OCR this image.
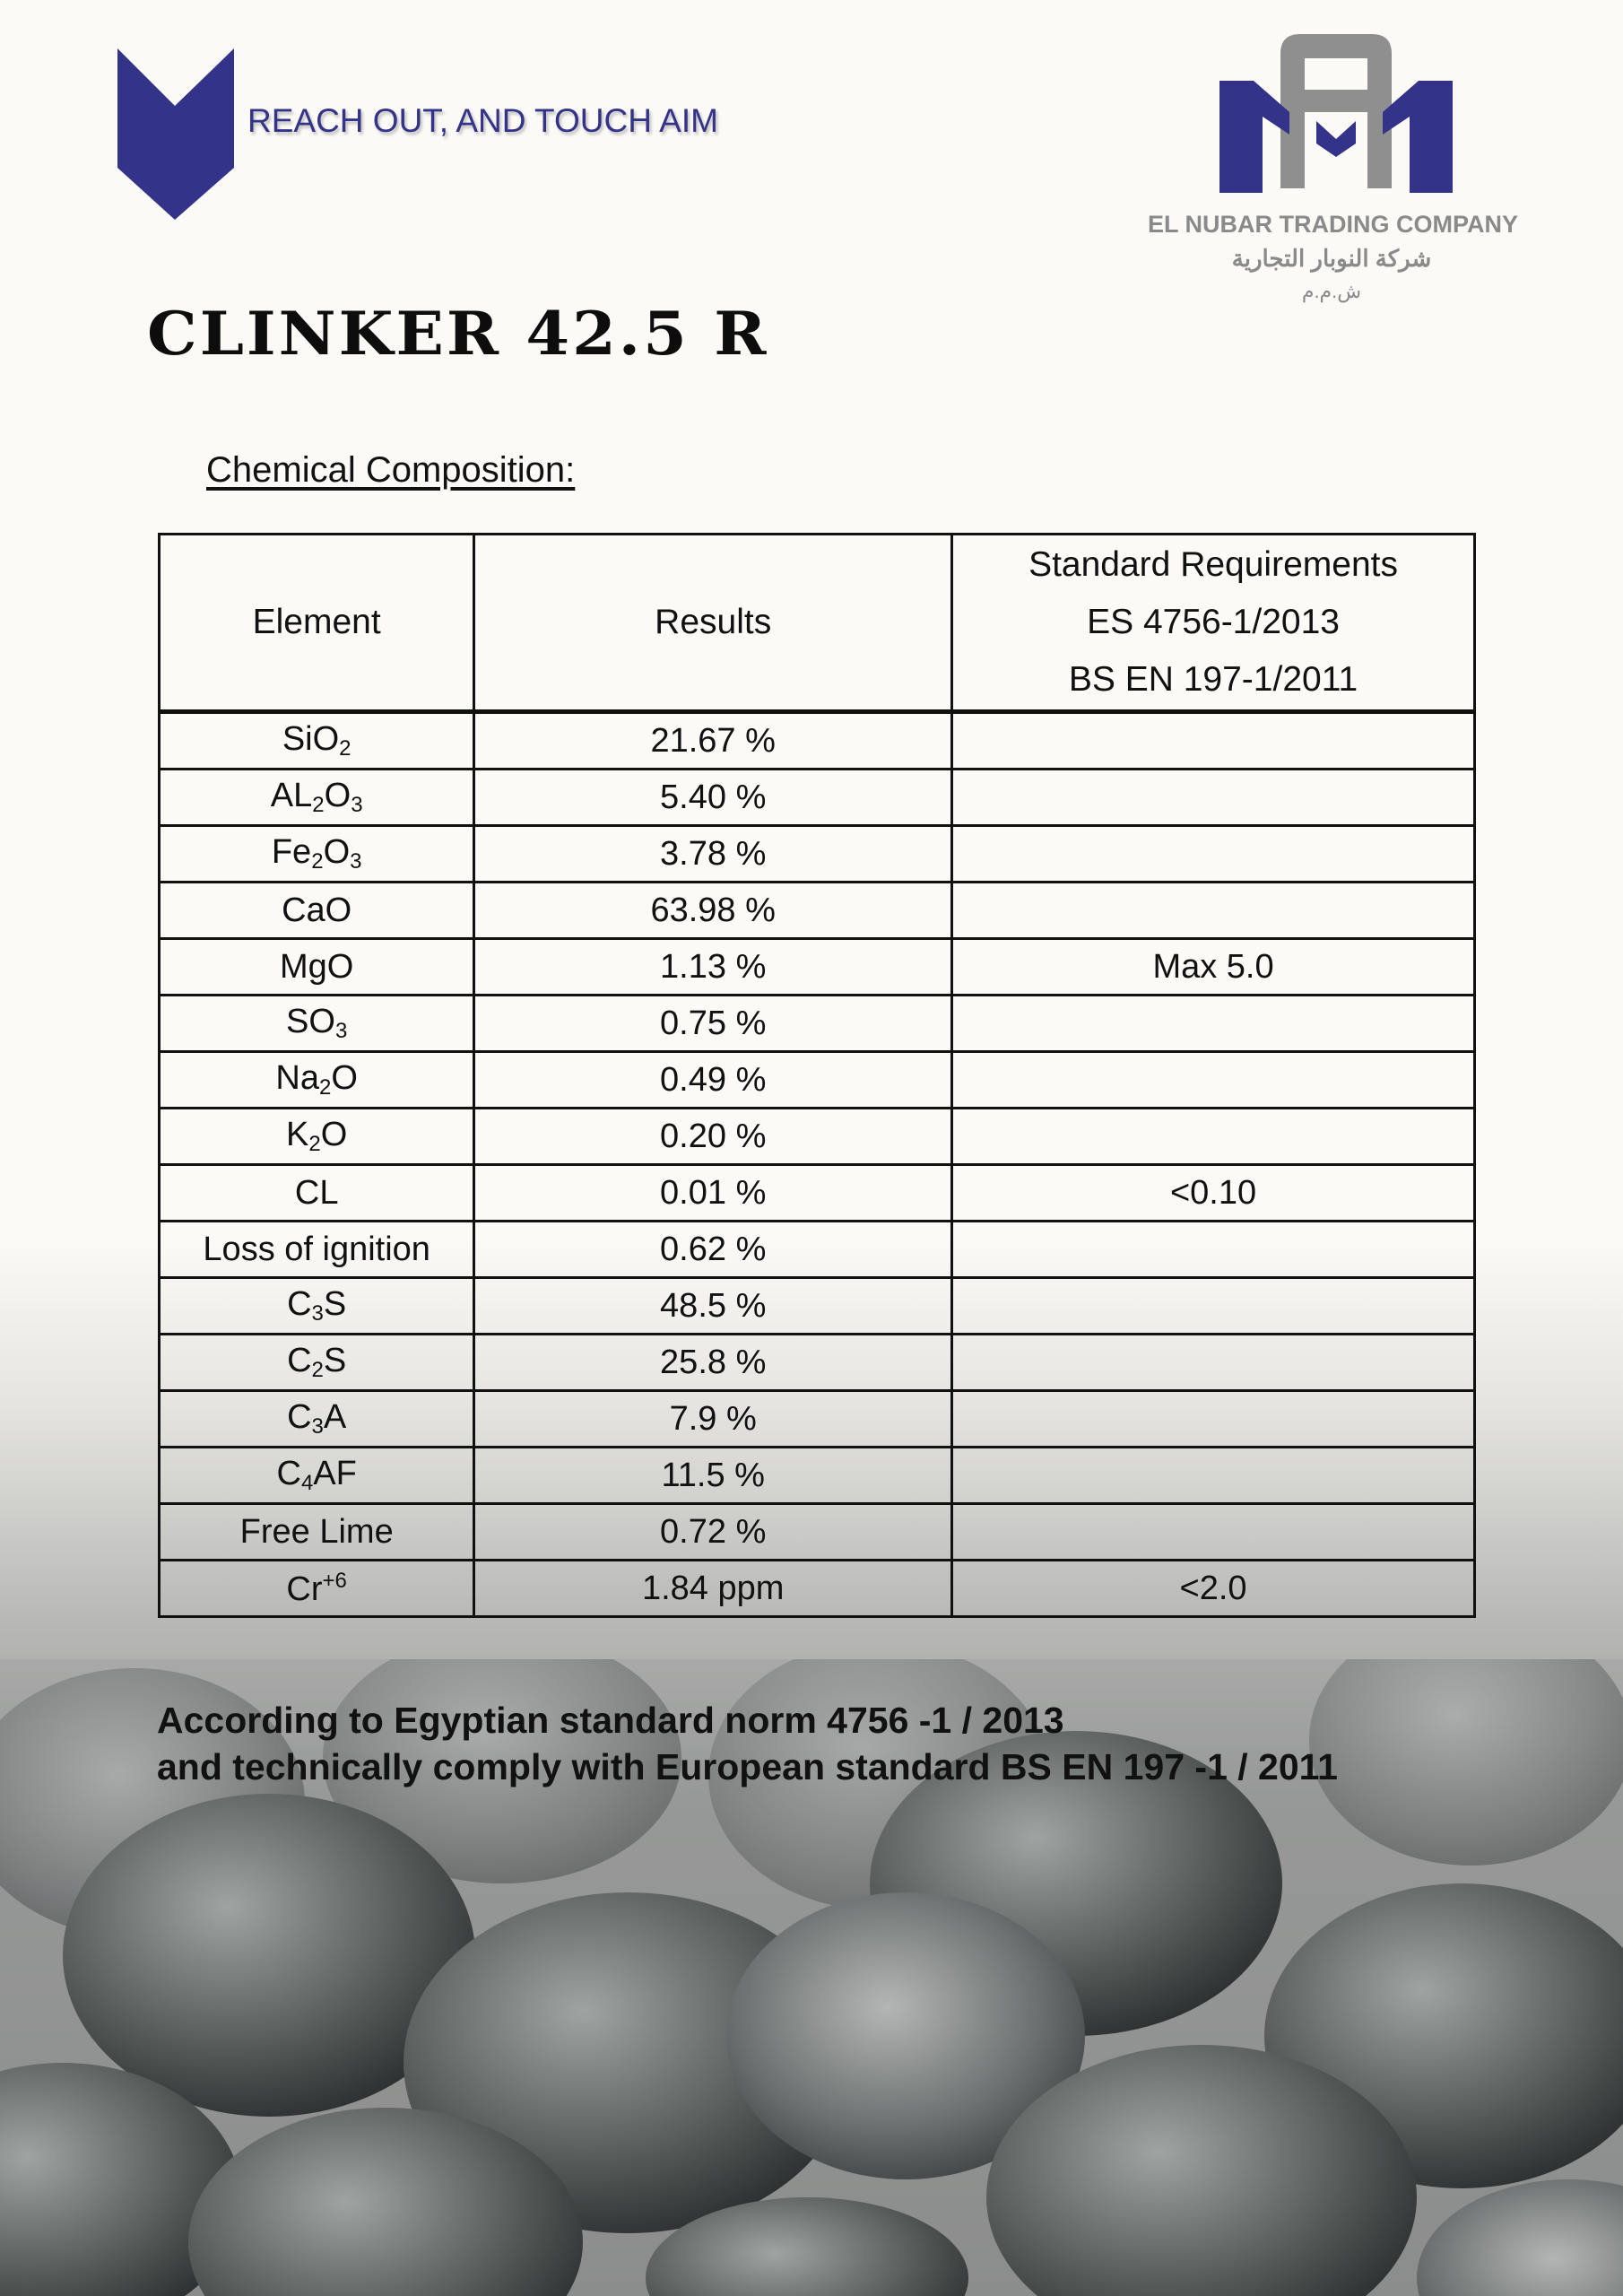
REACH OUT, AND TOUCH AIM
EL NUBAR TRADING COMPANY
شركة النوبار التجارية
ش.م.م
CLINKER 42.5 R
Chemical Composition:
Element	Results	Standard Requirements
ES 4756-1/2013
BS EN 197-1/2011

SiO$_2$	21.67 %	
$AL_2O_3$	5.40 %	
$Fe_2O_3$	3.78 %	
CaO	63.98 %	
MgO	1.13 %	Max 5.0
$SO_3$	0.75 %	
$Na_2O$	0.49 %	
$K_2O$	0.20 %	
CL	0.01 %	<0.10
Loss of ignition	0.62 %	
$C_3S$	48.5 %	
$C_2S$	25.8 %	
$C_3A$	7.9 %	
$C_4AF$	11.5 %	
Free Lime	0.72 %	
$Cr^{+6}$	1.84 ppm	<2.0
According to Egyptian standard norm 4756 -1 / 2013
and technically comply with European standard BS EN 197 -1 / 2011
